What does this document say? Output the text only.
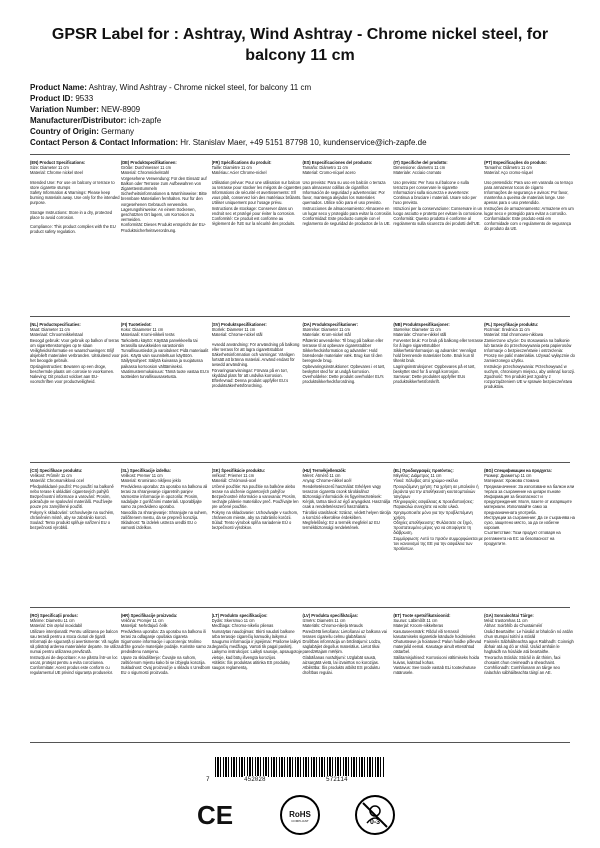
GPSR Label for : Ashtray, Wind Ashtray - Chrome nickel steel, for balcony 11 cm
Product Name: Ashtray, Wind Ashtray - Chrome nickel steel, for balcony 11 cm
Product ID: 9533
Variation Number: NEW-8909
Manufacturer/Distributor: ich-zapfe
Country of Origin: Germany
Contact Person & Contact Information: Hr. Stanislav Maer, +49 5151 87798 10, kundenservice@ich-zapfe.de
(EN) Product Specifications:
Size: Diameter 11 cm
Material: Chrome nickel steel
Intended Use: For use on balcony or terrace to store cigarette stumps
Safety Information & Warnings: Please keep burning materials away. Use only for the intended purpose.
Storage Instructions: Store in a dry, protected place to avoid corrosion.
Compliance: This product complies with the EU product safety regulation.
(DE) Produktspezifikationen:
Größe: Durchmesser 11 cm
Material: Chromnickelstahl
Vorgesehene Verwendung: Für den Einsatz auf Balkon oder Terrasse zum Aufbewahren von Zigarettenstummeln
Sicherheitsinformationen & Warnhinweise: Bitte brennbare Materialien fernhalten. Nur für den vorgesehenen Gebrauch verwenden.
Lagerungshinweise: An einem trockenen, geschützten Ort lagern, um Korrosion zu vermeiden.
Konformität: Dieses Produkt entspricht der EU-Produktsicherheitsverordnung.
(FR) Spécifications du produit:
Taille: Diamètre 11 cm
Matériau: Acier Chrome-nickel
Utilisation prévue: Pour une utilisation sur balcon ou terrasse pour stocker les mégots de cigarettes
Informations de sécurité et avertissements: S'il vous plaît, conservez loin des matériaux brûlants. Utiliser uniquement pour l'usage prévu.
Instructions de stockage: Conserver dans un endroit sec et protégé pour éviter la corrosion.
Conformité: Ce produit est conforme au règlement de l'UE sur la sécurité des produits.
(ES) Especificaciones del producto:
Tamaño: Diámetro 11 cm
Material: Cromo-níquel acero
Uso previsto: Para su uso en balcón o terraza para almacenar colillas de cigarrillos
Información de seguridad y advertencias: Por favor, mantenga alejados los materiales quemados. Utilice sólo para el uso previsto.
Instrucciones de almacenamiento: Almacene en un lugar seco y protegido para evitar la corrosión.
Conformidad: Este producto cumple con el reglamento de seguridad de productos de la UE.
(IT) Specifiche del prodotto:
Dimensione: diametro 11 cm
Materiale: Acciaio cromato
Uso previsto: Per l'uso sul balcone o sulla terrazza per conservare le sigarette
Informazioni sulla sicurezza e avvertenze: Continua a bruciare i materiali. Usare solo per l'uso previsto.
Istruzioni per la conservazione: Conservare in un luogo asciutto e protetto per evitare la corrosione.
Conformità: Questo prodotto è conforme al regolamento sulla sicurezza dei prodotti dell'UE.
(PT) Especificações do produto:
Tamanho: Diâmetro 11 cm
Material: Aço cromo-níquel
Uso pretendido: Para uso em varanda ou terraço para armazenar tocos de cigarro
Informações de segurança e avisos: Por favor, mantenha a queima de materiais longe. Use apenas para o uso pretendido.
Instruções de armazenamento: Armazene em um lugar seco e protegido para evitar a corrosão.
Conformidade: Este produto está em conformidade com o regulamento de segurança do produto da UE.
(NL) Productspecificaties:
Maat: Diameter 11 cm
Materiaal: Chroomnikkelstaal
Beoogd gebruik: Voor gebruik op balkon of terras om sigarettenstompjes op te slaan
Veiligheidsinformatie en waarschuwingen: Blijf alsjeblieft materialen verbranden. Uitsluitend voor het beoogde gebruik.
Opslaginstructies: Bewaren op een droge, beschermde plaats om corrosie te voorkomen.
Naleving: Dit product voldoet aan EU-voorschriften voor productveiligheid.
(FI) Tuotetiedot:
Koko: Diaameter 11 cm
Materiaali: Kromi-nikkeli teräs
Tarkoitettu käyttö: Käyttää parvekkeella tai terassilla savukkeiden varastointiin
Turvallisuustiedot ja varoitukset: Pidä materiaalit pois. Käytä vain suunniteltuun käyttöön.
Säilytysohjeet: Säilytä kuivassa ja suojatussa paikassa korroosion välttämiseksi.
Vaatimustenmukaisuus: Tämä tuote vastaa EU:n tuotteiden turvallisuusasetusta.
(SV) Produktspecifikationer:
Storlek: Diameter 11 cm
Material: Chrome-nickel stål
Avsedd användning: För användning på balkong eller terrass för att lagra cigarettstubbar
Säkerhetsinformation och varningar: Vänligen fortsätt att bränna material. Använd endast för avsedd användning.
Förvaringsanvisningar: Förvara på en torr, skyddad plats för att undvika korrosion.
Efterlevnad: Denna produkt uppfyller EU:s produktsäkerhetsförordning.
(DA) Produktspecifikationer:
Størrelse: Diameter 11 cm
Materiale: Krom-nickel stål
Påtænkt anvendelse: Til brug på balkon eller terrasse til at opbevare cigaretstubber
Sikkerhedsinformation og advarsler: Hold brændende materialer væk. Brug kun til den beregnede brug.
Opbevaringsinstruktioner: Opbevares i et tørt, beskyttet sted for at undgå korrosion.
Overholdelse: Dette produkt overholder EU's produktsikkerhedsforordning.
(NB) Produktspesifikasjoner:
Størrelse: Diameter 11 cm
Materiale: Chrome-nikkel stål
Forventet bruk: For bruk på balkong eller terrasse for å lagre sigarettstubber
Sikkerhetsinformasjon og advarsler: Vennligst hold brennende materialer borte. Bruk kun til tiltenkt bruk.
Lagringsinstruksjoner: Oppbevares på et tørt, beskyttet sted for å unngå korrosjon.
Samsvar: Dette produktet oppfyller EUs produktsikkerhetsforskrift.
(PL) Specyfikacje produktu:
Rozmiar: Średnica 11 cm
Materiał: Stal chromowo-niklowa
Zamierzone użycie: Do stosowania na balkonie lub tarasie do przechowywania peta papierosów
Informacje o bezpieczeństwie i ostrzeżenia: Proszę nie palić materiałów. Używać wyłącznie do zamierzonego użytku.
Instrukcje przechowywania: Przechowywać w suchym, chronionym miejscu, aby uniknąć korozji.
Zgodność: Ten produkt jest zgodny z rozporządzeniem UE w sprawie bezpieczeństwa produktów.
(CS) Specifikace produktu:
Velikost: Průměr 11 cm
Materiál: Chromamiklová ocel
Předpokládané použití: Pro použití na balkoně nebo terase k ukládání cigaretových pahýlů
Bezpečnostní informace a varování: Prosím, pokračujte ve spalování materiálů. Používejte pouze pro zamýšlené použití.
Pokyny k skladování: Uchovávejte na suchém, chráněném místě, aby se zabránilo korozi.
Soulad: Tento produkt splňuje nařízení EU o bezpečnosti výrobků.
(SL) Specifikacije izdelka:
Velikost: Premer 11 cm
Material: Kromirano nikljevo jeklo
Predvidena uporaba: Za uporabo na balkonu ali terasi za shranjevanje cigaretnih panjev
Varnostne informacije in opozorila: Prosim, nadaljujte z goriščnimi materiali. Uporabljajte samo za predvideno uporabo.
Navodila za shranjevanje: Shranjujte na suhem, zaščitenem mestu, da se prepreči korozija.
Skladnost: Ta izdelek ustreza uredbi EU o varnosti izdelkov.
(SK) Špecifikácie produktu:
Veľkosť: Priemer 11 cm
Materiál: Chrómová-ocel
Určené použitie: Na použitie na balkóne alebo terase na uloženie cigaretových pahýľov
Bezpečnostné informácie a varovania: Prosím, nechajte páleniе materiálov preč. Používajte len pre určené použitie.
Pokyny na skladovanie: Uchovávajte v suchom, chránenom mieste, aby sa zabránilo korózii.
Súlad: Tento výrobok spĺňa nariadenie EÚ o bezpečnosti výrobkov.
(HU) Termékjellemzők:
Méret: Átmérő 11 cm
Anyag: Chrome-nikkel acél
Rendeltetésszerű használat: Erkélyen vagy teraszon cigaretta csonk tárolásához
Biztonsági információk és figyelmeztetések: Kérjük, tartsa távol az égő anyagokat. Használja csak a rendeltetésszerű használatra.
Tárolási utasítások: Száraz, védett helyen tárolja a korrózió elkerülése érdekében.
Megfelelőség: Ez a termék megfelel az EU termékbiztonsági rendeletének.
(EL) Προδιαγραφές προϊόντος:
Μέγεθος: Διάμετρος 11 cm
Υλικό: Χάλυβας από χρώμιο-νικέλιο
Προοριζόμενη χρήση: Για χρήση σε μπαλκόνι ή βεράντα για την αποθήκευση κουτσομπολιών τσιγάρων
Πληροφορίες ασφάλειας & προειδοποιήσεις: Παρακαλώ συνεχίστε να καίτε υλικά. Χρησιμοποιείτε μόνο για την προβλεπόμενη χρήση.
Οδηγίες αποθήκευσης: Φυλάσσετε σε ξηρό, προστατευμένο μέρος για να αποφύγετε τη διάβρωση.
Συμμόρφωση: Αυτό το προϊόν συμμορφώνεται με τον κανονισμό της ΕΕ για την ασφάλεια των προϊόντων.
(BG) Спецификации на продукта:
Размер: Диаметър 11 cm
Материал: Хромова стомана
Предназначение: За използване на балкон или тераса за съхранение на цигари пънове
Информация за безопасност и предупреждения: Моля, пазете от изгарящите материали. Използвайте само за предназначената употреба.
Инструкции за съхранение: Да се съхранява на сухо, защитено място, за да се избегне корозия.
Съответствие: Този продукт отговаря на регламента на ЕС за безопасност на продуктите.
(RO) Specificații produs:
Mărime: Diametru 11 cm
Material: Din oțelul inoxidabil
Utilizare intenționată: Pentru utilizarea pe balcon sau terasă pentru a stoca ciuturi de țigară
Informații de siguranță și avertismente: Vă rugăm să păstrați arderea materialelor departe. Se utiliza numai pentru utilizarea prevăzută.
Instrucțiuni de depozitare: A se păstra într-un loc uscat, protejat pentru a evita coroziunea.
Conformitate: Acest produs este conform cu regulamentul UE privind siguranța produselor.
(HR) Specifikacije proizvoda:
Veličina: Promjer 11 cm
Materijal: Nehrđajući čelik
Predviđena uporaba: Za uporabu na balkonu ili terasi za odlaganje opušaka cigareta
Sigurnosne informacije i upozorenja: Molimo držite goruće materijale podalje. Koristite samo za predviđenu namjenu.
Upute za skladištenje: Čuvajte na suhom, zaštićenom mjestu kako bi se izbjegla korozija.
Sukladnost: Ovaj proizvod je u skladu s Uredbom EU o sigurnosti proizvoda.
(LT) Produkto specifikacijos:
Dydis: Skersmuo 11 cm
Medžiaga: Chromo-nikelio plienas
Numatytas naudojimas: Skirti naudoti balkone arba terasoje cigarečių kamuolių laikymui
Saugumo informacija ir įspėjimai: Prašome laikyti degančių medžiagų. Vartoti tik pagal paskirtį.
Laikymo instrukcijos: Laikyti sausoje, apsaugotoje vietoje, kad būtų išvengta korozijos.
Atitiktis: Šis produktas atitinka ES produktų saugos reglamentą.
(LV) Produkta specifikācijas:
Izmērs: Diametrs 11 cm
Materiāls: Chromo-niķeļa tērauds
Paredzētā lietošana: Lietošanai uz balkona vai terases cigarešu celmu glabāšanai
Drošības informācija un brīdinājumi: Lūdzu, saglabājiet degošus materiālus. Lietot tikai paredzētajam mērķim.
Glabāšanas norādījumi: Uzglabāt sausā, aizsargātā vietā, lai izvairītos no korozijas.
Atbilstība: Šis produkts atbilst ES produktu drošības regulai.
(ET) Toote spetsifikatsioonid:
Suurus: Läbimõõt 11 cm
Materjal: Kroom-nikkelteras
Kasutuseesmärk: Rõdul või terrassil kasutamiseks sigaretide kändude hoidmiseks
Ohutusteave ja hoiatused: Palun hoidke põlevad materjalid eemal. Kasutage ainult ettenähtud otstarbel.
Säilitamisjuhised: Korrosiooni vältimiseks hoida kuivas, kaitstud kohas.
Vastavus: See toode vastab ELi tooteohutuse määrusele.
(GA) Sonraíochtaí Táirge:
Méid: trastomhas 11 cm
Ábhar: Soirbhíb do Chustaiméirí
Úsáid Beartaithe: Le húsáid ar bhalcóin nó ardán chun stumpaí toitíní a stóráil
Faisnéis Sábháilteachta agus Rabhadh: Coinnigh ábhair atá ag dó ar shiúl. Úsáid amháin le haghaidh na húsáide atá beartaithe.
Treoracha Stórála: Stóráil in áit thirim, faoi chosaint chun creimeadh a sheachaint.
Comhlíonadh: Comhlíonann an táirge seo rialachán sábháilteachta táirgí an AE.
7	452028	572114
CE	RoHS
COMPLIANT	0-3
